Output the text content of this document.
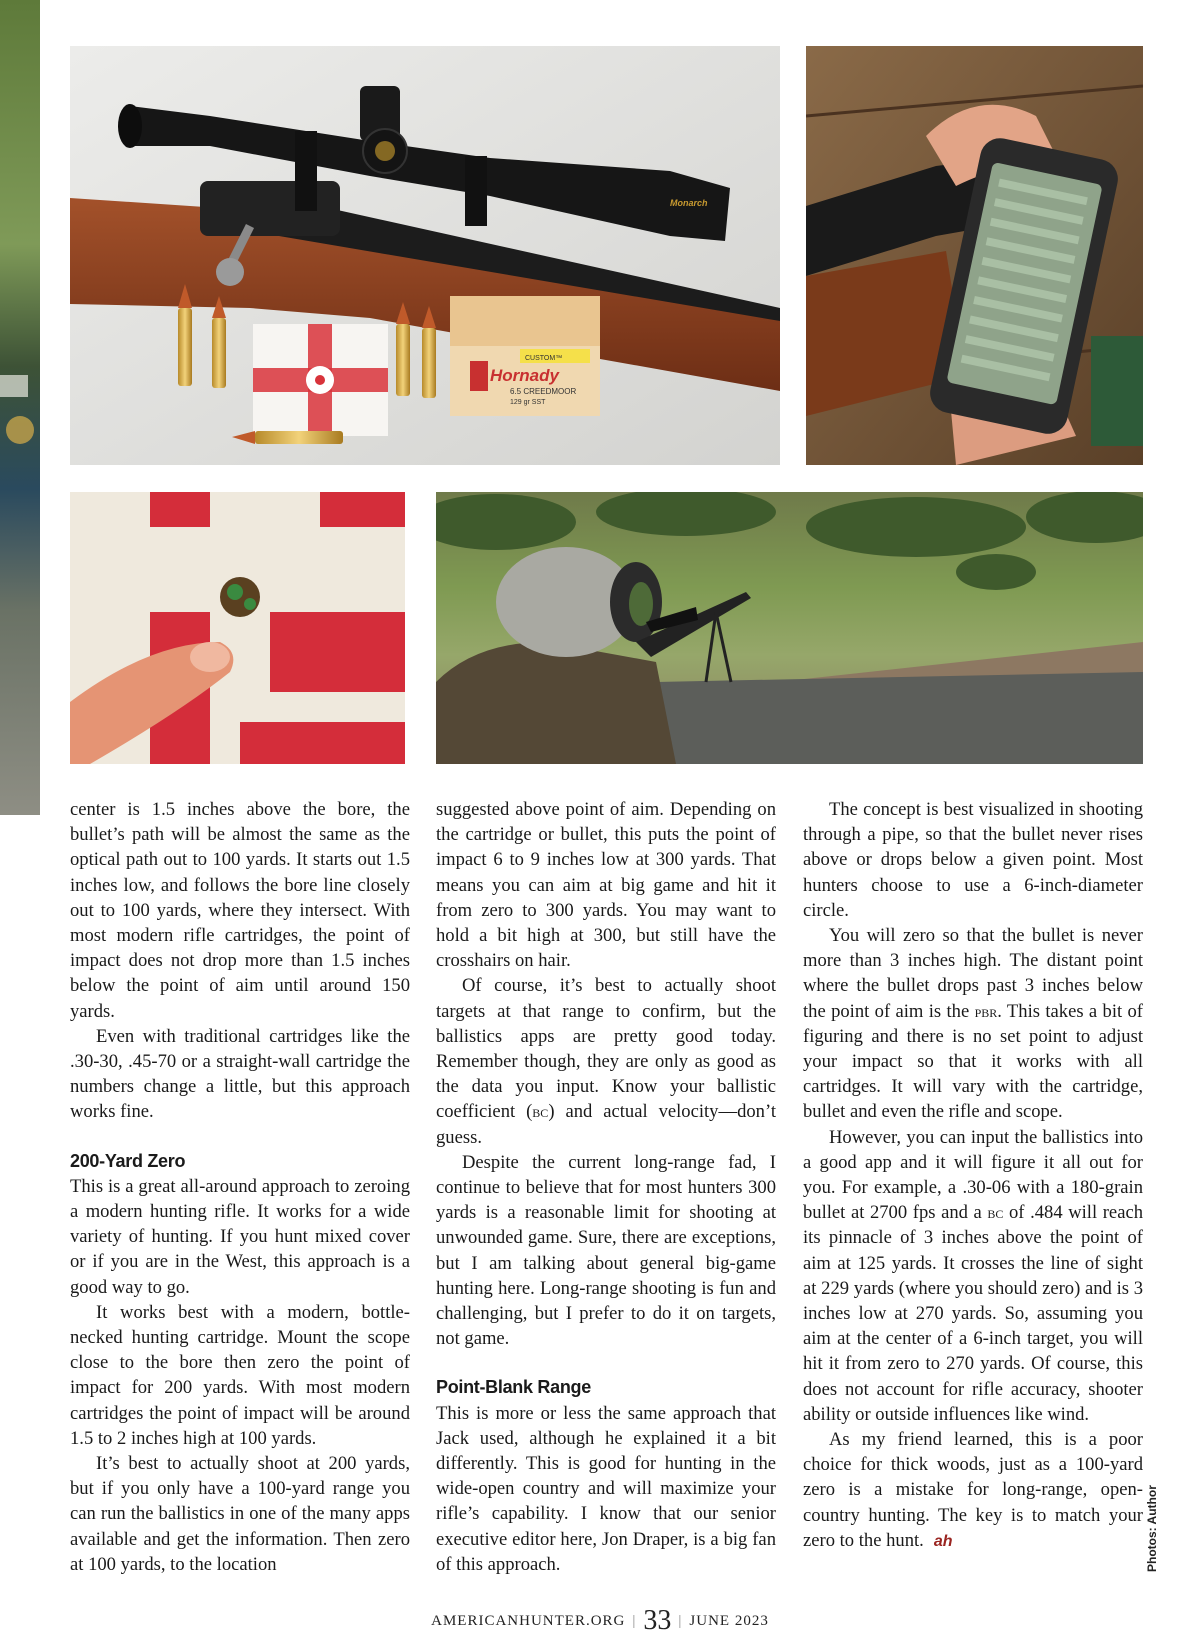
Monarch
CUSTOM™
Hornady
6.5 CREEDMOOR
129 gr SST

center is 1.5 inches above the bore, the bullet’s path will be almost the same as the optical path out to 100 yards. It starts out 1.5 inches low, and follows the bore line closely out to 100 yards, where they intersect. With most modern rifle cartridges, the point of impact does not drop more than 1.5 inches below the point of aim until around 150 yards.

Even with traditional cartridges like the .30-30, .45-70 or a straight-wall cartridge the numbers change a little, but this approach works fine.

200-Yard Zero

This is a great all-around approach to zeroing a modern hunting rifle. It works for a wide variety of hunting. If you hunt mixed cover or if you are in the West, this approach is a good way to go.

It works best with a modern, bottle-necked hunting cartridge. Mount the scope close to the bore then zero the point of impact for 200 yards. With most modern cartridges the point of impact will be around 1.5 to 2 inches high at 100 yards.

It’s best to actually shoot at 200 yards, but if you only have a 100-yard range you can run the ballistics in one of the many apps available and get the information. Then zero at 100 yards, to the location

suggested above point of aim. Depending on the cartridge or bullet, this puts the point of impact 6 to 9 inches low at 300 yards. That means you can aim at big game and hit it from zero to 300 yards. You may want to hold a bit high at 300, but still have the crosshairs on hair.

Of course, it’s best to actually shoot targets at that range to confirm, but the ballistics apps are pretty good today. Remember though, they are only as good as the data you input. Know your ballistic coefficient (bc) and actual velocity—don’t guess.

Despite the current long-range fad, I continue to believe that for most hunters 300 yards is a reasonable limit for shooting at unwounded game. Sure, there are exceptions, but I am talking about general big-game hunting here. Long-range shooting is fun and challenging, but I prefer to do it on targets, not game.

Point-Blank Range

This is more or less the same approach that Jack used, although he explained it a bit differently. This is good for hunting in the wide-open country and will maximize your rifle’s capability. I know that our senior executive editor here, Jon Draper, is a big fan of this approach.

The concept is best visualized in shooting through a pipe, so that the bullet never rises above or drops below a given point. Most hunters choose to use a 6-inch-diameter circle.

You will zero so that the bullet is never more than 3 inches high. The distant point where the bullet drops past 3 inches below the point of aim is the pbr. This takes a bit of figuring and there is no set point to adjust your impact so that it works with all cartridges. It will vary with the cartridge, bullet and even the rifle and scope.

However, you can input the ballistics into a good app and it will figure it all out for you. For example, a .30-06 with a 180-grain bullet at 2700 fps and a bc of .484 will reach its pinnacle of 3 inches above the point of aim at 125 yards. It crosses the line of sight at 229 yards (where you should zero) and is 3 inches low at 270 yards. So, assuming you aim at the center of a 6-inch target, you will hit it from zero to 270 yards. Of course, this does not account for rifle accuracy, shooter ability or outside influences like wind.

As my friend learned, this is a poor choice for thick woods, just as a 100-yard zero is a mistake for long-range, open-country hunting. The key is to match your zero to the hunt. ah	Photos: Author
AMERICANHUNTER.ORG | 33 | JUNE 2023
